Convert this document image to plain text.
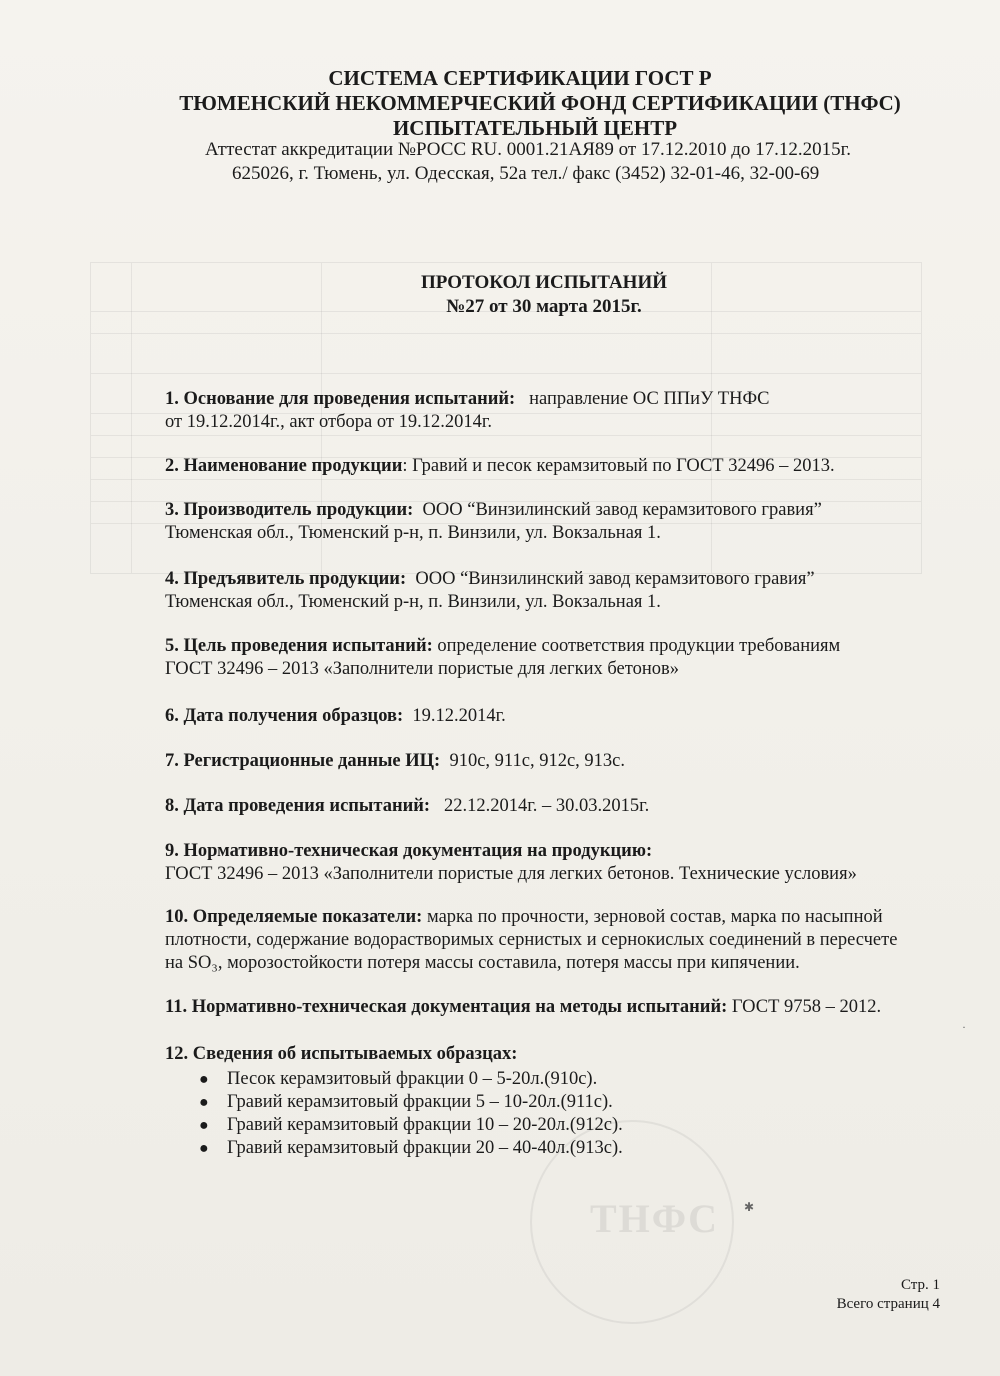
ТНФС
СИСТЕМА СЕРТИФИКАЦИИ ГОСТ Р
ТЮМЕНСКИЙ НЕКОММЕРЧЕСКИЙ ФОНД СЕРТИФИКАЦИИ (ТНФС)
ИСПЫТАТЕЛЬНЫЙ ЦЕНТР
Аттестат аккредитации №РОСС RU. 0001.21АЯ89 от 17.12.2010 до 17.12.2015г.
625026, г. Тюмень, ул. Одесская, 52а тел./ факс (3452) 32-01-46, 32-00-69
ПРОТОКОЛ ИСПЫТАНИЙ
№27 от 30 марта 2015г.
1. Основание для проведения испытаний: направление ОС ППиУ ТНФС
от 19.12.2014г., акт отбора от 19.12.2014г.
2. Наименование продукции: Гравий и песок керамзитовый по ГОСТ 32496 – 2013.
3. Производитель продукции: ООО “Винзилинский завод керамзитового гравия”
Тюменская обл., Тюменский р-н, п. Винзили, ул. Вокзальная 1.
4. Предъявитель продукции: ООО “Винзилинский завод керамзитового гравия”
Тюменская обл., Тюменский р-н, п. Винзили, ул. Вокзальная 1.
5. Цель проведения испытаний: определение соответствия продукции требованиям
ГОСТ 32496 – 2013 «Заполнители пористые для легких бетонов»
6. Дата получения образцов: 19.12.2014г.
7. Регистрационные данные ИЦ: 910с, 911с, 912с, 913с.
8. Дата проведения испытаний: 22.12.2014г. – 30.03.2015г.
9. Нормативно-техническая документация на продукцию:
ГОСТ 32496 – 2013 «Заполнители пористые для легких бетонов. Технические условия»
10. Определяемые показатели: марка по прочности, зерновой состав, марка по насыпной
плотности, содержание водорастворимых сернистых и сернокислых соединений в пересчете
на SO₃, морозостойкости потеря массы составила, потеря массы при кипячении.
11. Нормативно-техническая документация на методы испытаний: ГОСТ 9758 – 2012.
12. Сведения об испытываемых образцах:
● Песок керамзитовый фракции 0 – 5-20л.(910с).
● Гравий керамзитовый фракции 5 – 10-20л.(911с).
● Гравий керамзитовый фракции 10 – 20-20л.(912с).
● Гравий керамзитовый фракции 20 – 40-40л.(913с).
Стр. 1
Всего страниц 4
✱
·
